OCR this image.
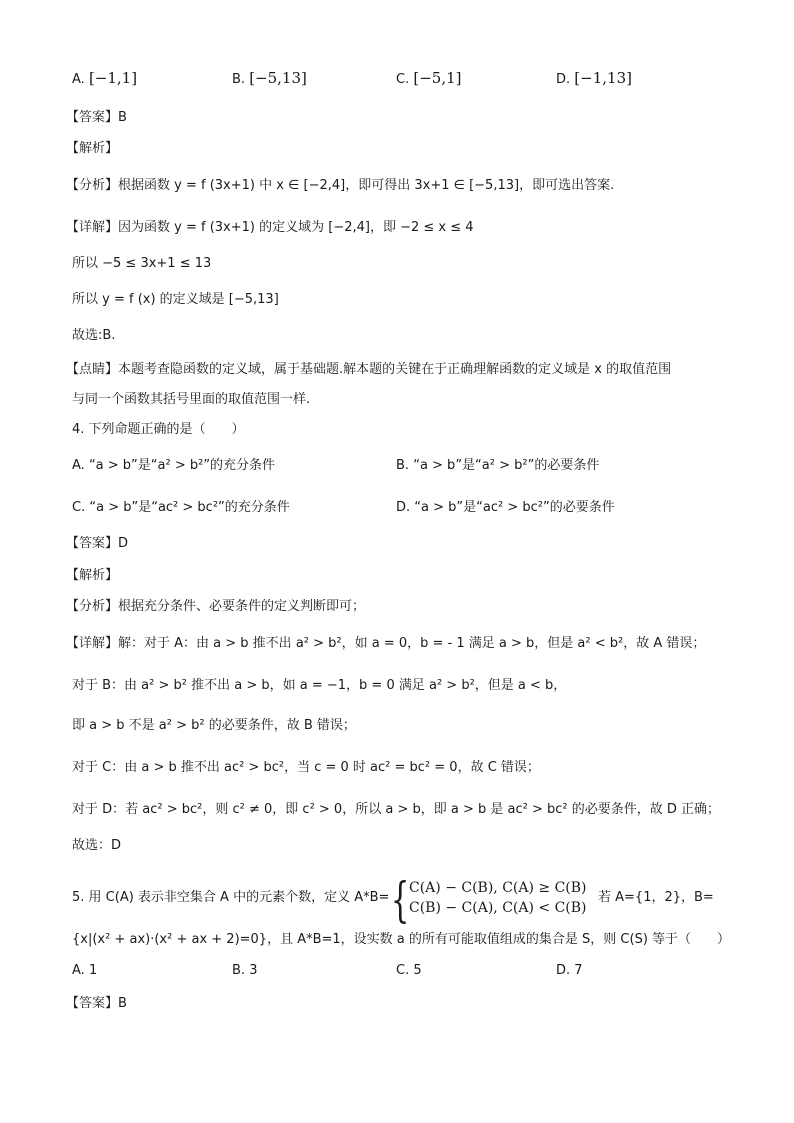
A. [−1,1]	B. [−5,13]	C. [−5,1]	D. [−1,13]
【答案】B
【解析】
【分析】根据函数 y = f (3x+1) 中 x ∈ [−2,4]，即可得出 3x+1 ∈ [−5,13]，即可选出答案.
【详解】因为函数 y = f (3x+1) 的定义域为 [−2,4]，即 −2 ≤ x ≤ 4
所以 −5 ≤ 3x+1 ≤ 13
所以 y = f (x) 的定义域是 [−5,13]
故选:B.
【点睛】本题考查隐函数的定义域，属于基础题.解本题的关键在于正确理解函数的定义域是 x 的取值范围
与同一个函数其括号里面的取值范围一样.
4. 下列命题正确的是（　　）
A. “a > b”是“a² > b²”的充分条件	B. “a > b”是“a² > b²”的必要条件
C. “a > b”是“ac² > bc²”的充分条件	D. “a > b”是“ac² > bc²”的必要条件
【答案】D
【解析】
【分析】根据充分条件、必要条件的定义判断即可；
【详解】解：对于 A：由 a > b 推不出 a² > b²，如 a = 0，b = - 1 满足 a > b，但是 a² < b²，故 A 错误；
对于 B：由 a² > b² 推不出 a > b，如 a = −1，b = 0 满足 a² > b²，但是 a < b，
即 a > b 不是 a² > b² 的必要条件，故 B 错误；
对于 C：由 a > b 推不出 ac² > bc²，当 c = 0 时 ac² = bc² = 0，故 C 错误；
对于 D：若 ac² > bc²，则 c² ≠ 0，即 c² > 0，所以 a > b，即 a > b 是 ac² > bc² 的必要条件，故 D 正确；
故选：D
5. 用 C(A) 表示非空集合 A 中的元素个数，定义 A*B= { C(A) − C(B), C(A) ≥ C(B)
C(B) − C(A), C(A) < C(B)
若 A={1，2}，B=
{x|(x² + ax)·(x² + ax + 2)=0}，且 A*B=1，设实数 a 的所有可能取值组成的集合是 S，则 C(S) 等于（　　）
A. 1	B. 3	C. 5	D. 7
【答案】B
